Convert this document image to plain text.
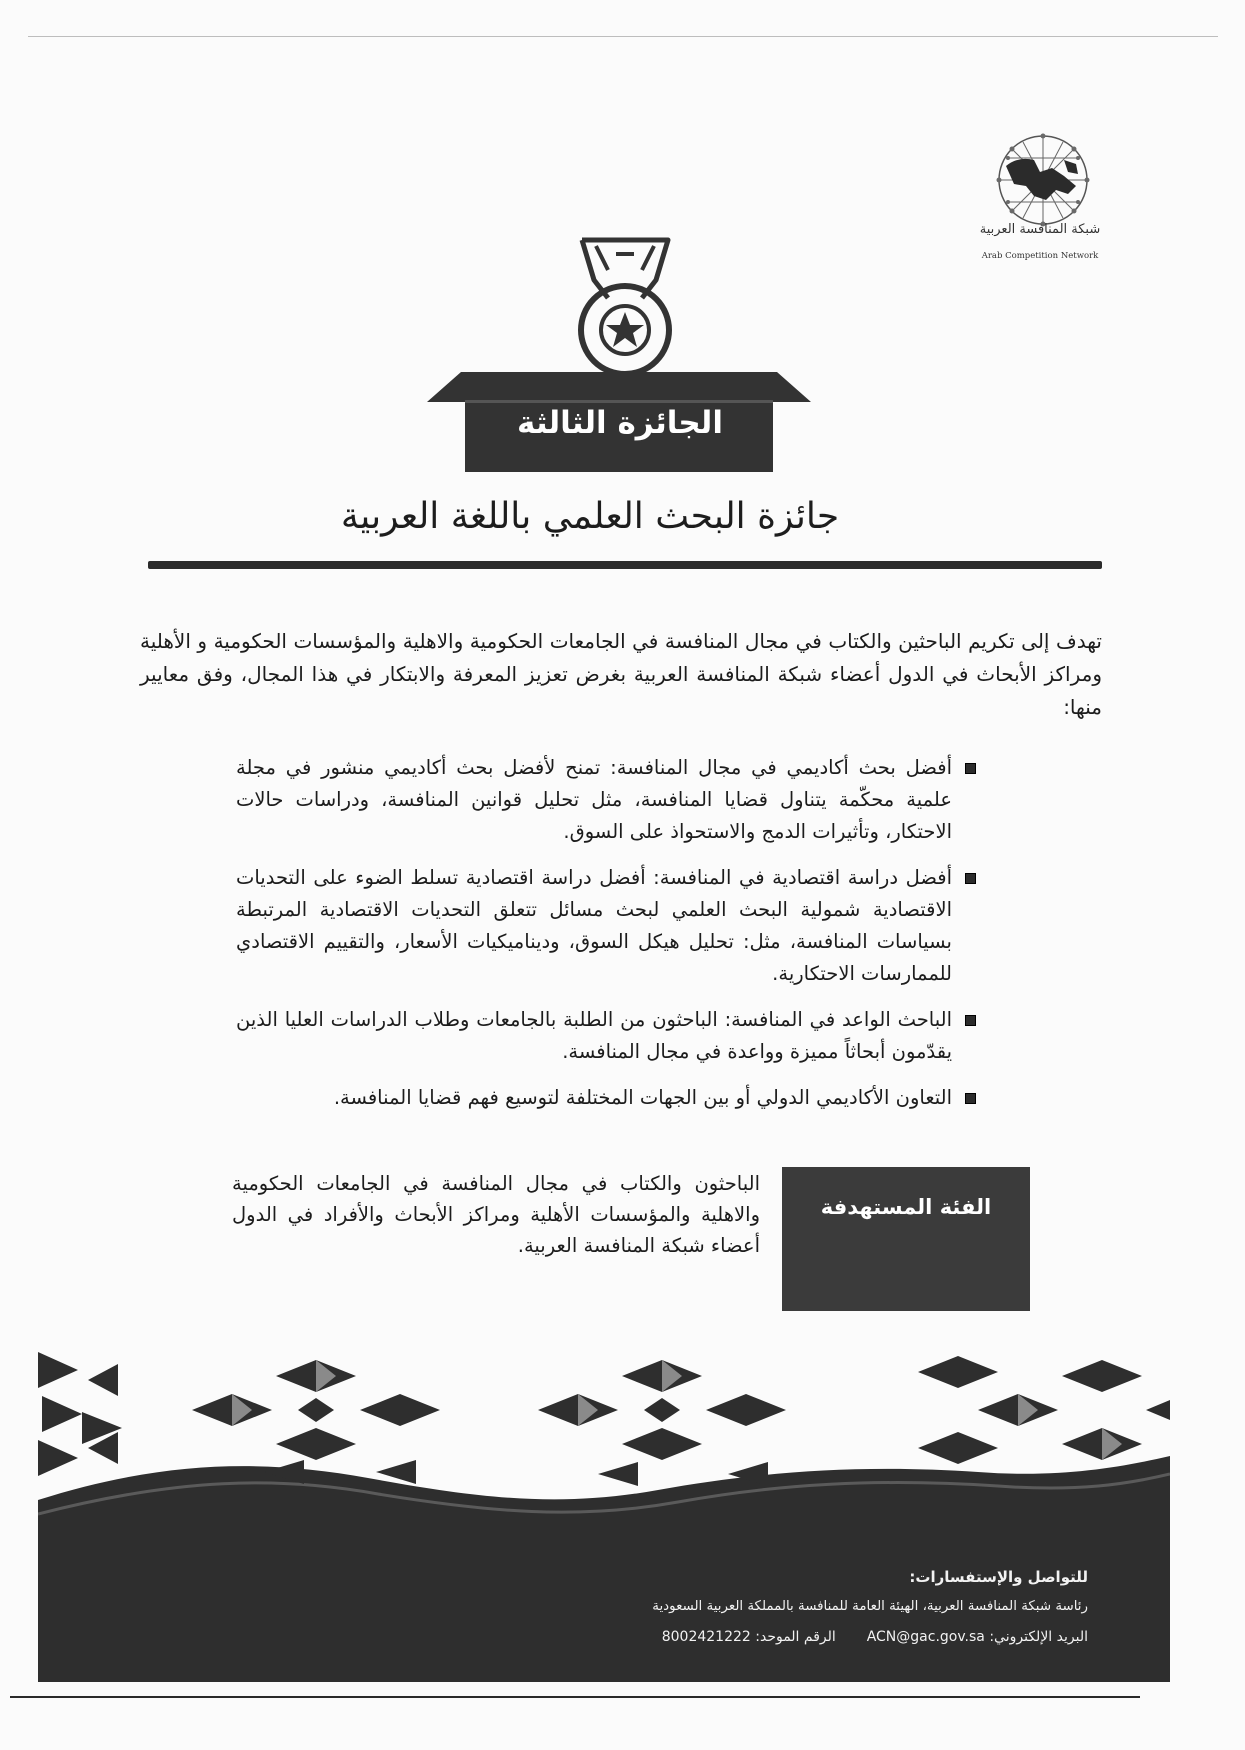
شبكة المنافسة العربية
Arab Competition Network
الجائزة الثالثة
جائزة البحث العلمي باللغة العربية
تهدف إلى تكريم الباحثين والكتاب في مجال المنافسة في الجامعات الحكومية والاهلية والمؤسسات الحكومية و الأهلية ومراكز الأبحاث في الدول أعضاء شبكة المنافسة العربية بغرض تعزيز المعرفة والابتكار في هذا المجال، وفق معايير منها:
أفضل بحث أكاديمي في مجال المنافسة: تمنح لأفضل بحث أكاديمي منشور في مجلة علمية محكّمة يتناول قضايا المنافسة، مثل تحليل قوانين المنافسة، ودراسات حالات الاحتكار، وتأثيرات الدمج والاستحواذ على السوق.
أفضل دراسة اقتصادية في المنافسة: أفضل دراسة اقتصادية تسلط الضوء على التحديات الاقتصادية شمولية البحث العلمي لبحث مسائل تتعلق التحديات الاقتصادية المرتبطة بسياسات المنافسة، مثل: تحليل هيكل السوق، وديناميكيات الأسعار، والتقييم الاقتصادي للممارسات الاحتكارية.
الباحث الواعد في المنافسة: الباحثون من الطلبة بالجامعات وطلاب الدراسات العليا الذين يقدّمون أبحاثاً مميزة وواعدة في مجال المنافسة.
التعاون الأكاديمي الدولي أو بين الجهات المختلفة لتوسيع فهم قضايا المنافسة.
الفئة المستهدفة
الباحثون والكتاب في مجال المنافسة في الجامعات الحكومية والاهلية والمؤسسات الأهلية ومراكز الأبحاث والأفراد في الدول أعضاء شبكة المنافسة العربية.
للتواصل والإستفسارات:
رئاسة شبكة المنافسة العربية، الهيئة العامة للمنافسة بالمملكة العربية السعودية
البريد الإلكتروني: ACN@gac.gov.sa  الرقم الموحد: 8002421222
